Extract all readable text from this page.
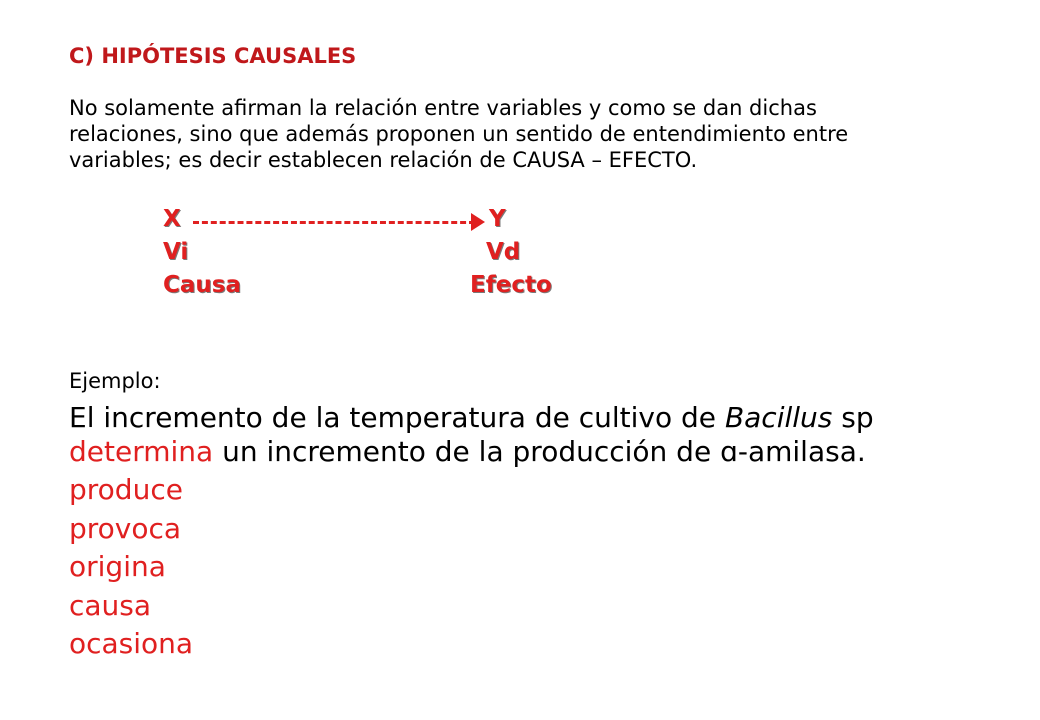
C) HIPÓTESIS CAUSALES

No solamente afirman la relación entre variables y como se dan dichas
relaciones, sino que además proponen un sentido de entendimiento entre
variables; es decir establecen relación de CAUSA – EFECTO.

X	Y
Vi	Vd
Causa	Efecto

Ejemplo:

El incremento de la temperatura de cultivo de Bacillus sp
determina un incremento de la producción de ɑ-amilasa.

produce
provoca
origina
causa
ocasiona
